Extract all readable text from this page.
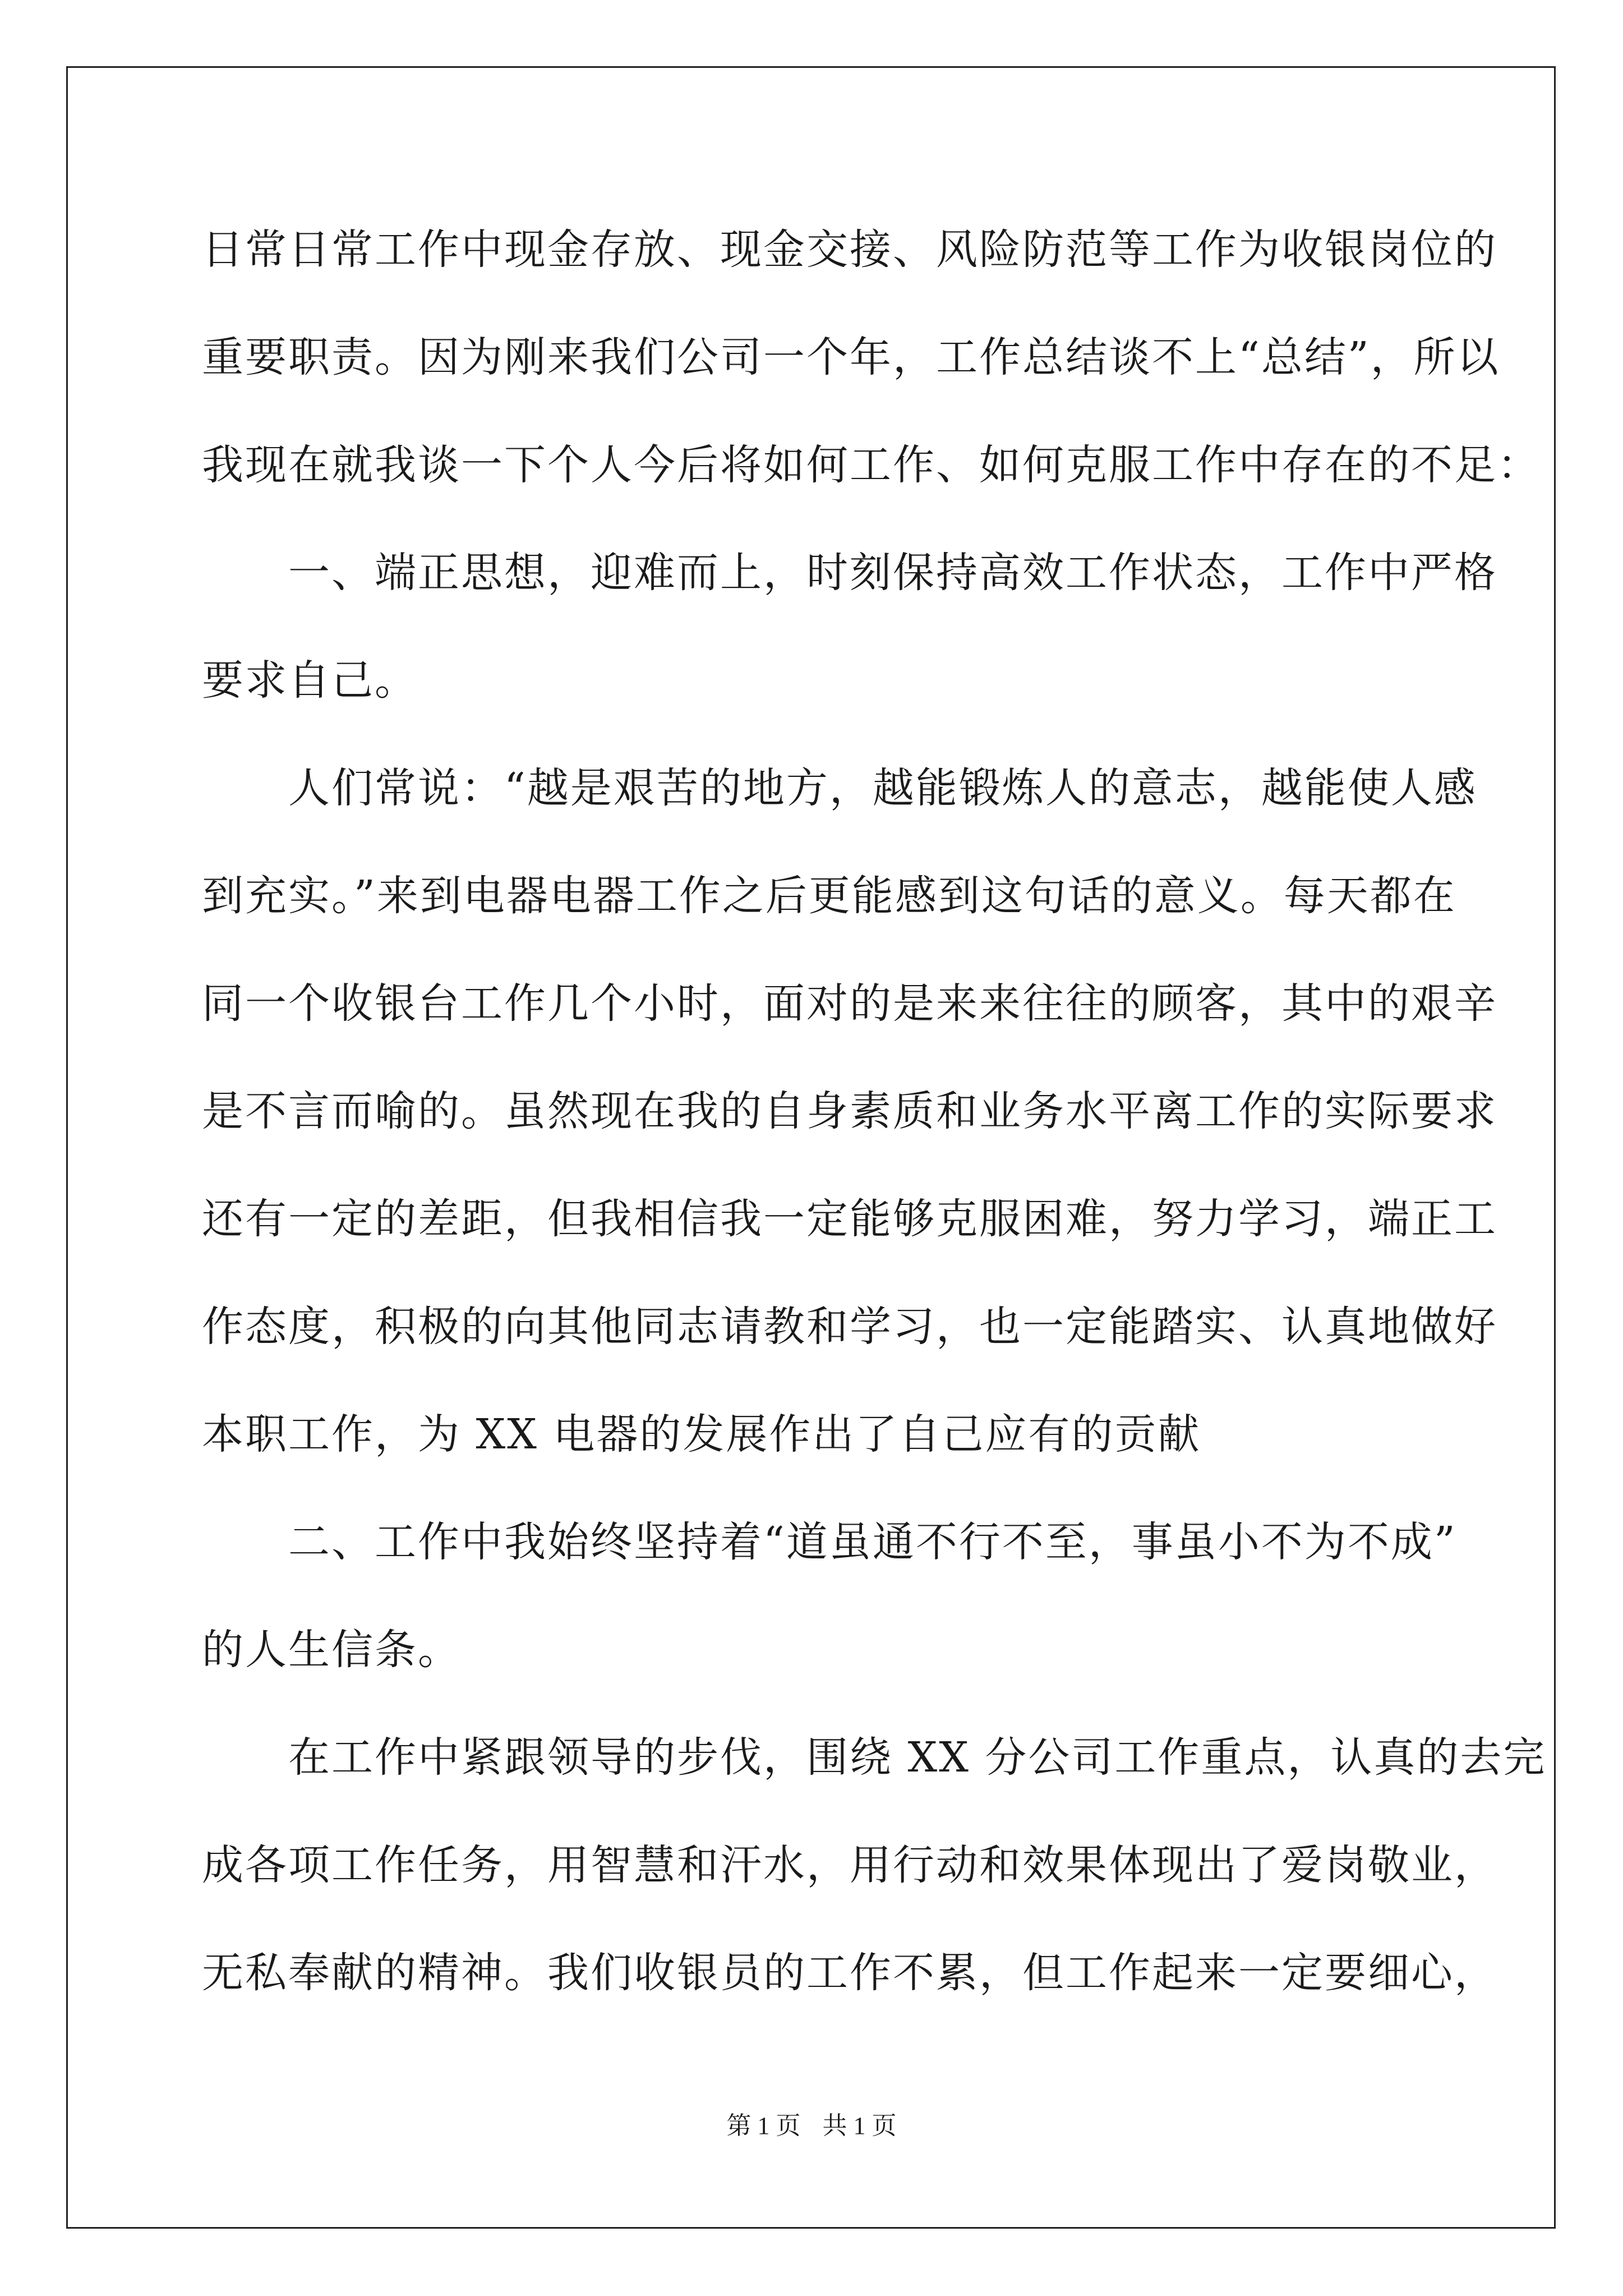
日常日常工作中现金存放、现金交接、风险防范等工作为收银岗位的
重要职责。因为刚来我们公司一个年，工作总结谈不上“总结”，所以
我现在就我谈一下个人今后将如何工作、如何克服工作中存在的不足：
　　一、端正思想，迎难而上，时刻保持高效工作状态，工作中严格
要求自己。
　　人们常说：“越是艰苦的地方，越能锻炼人的意志，越能使人感
到充实。”来到电器电器工作之后更能感到这句话的意义。每天都在
同一个收银台工作几个小时，面对的是来来往往的顾客，其中的艰辛
是不言而喻的。虽然现在我的自身素质和业务水平离工作的实际要求
还有一定的差距，但我相信我一定能够克服困难，努力学习，端正工
作态度，积极的向其他同志请教和学习，也一定能踏实、认真地做好
本职工作，为 XX 电器的发展作出了自己应有的贡献
　　二、工作中我始终坚持着“道虽通不行不至，事虽小不为不成”
的人生信条。
　　在工作中紧跟领导的步伐，围绕 XX 分公司工作重点，认真的去完
成各项工作任务，用智慧和汗水，用行动和效果体现出了爱岗敬业，
无私奉献的精神。我们收银员的工作不累，但工作起来一定要细心，
第 1 页 共 1 页
